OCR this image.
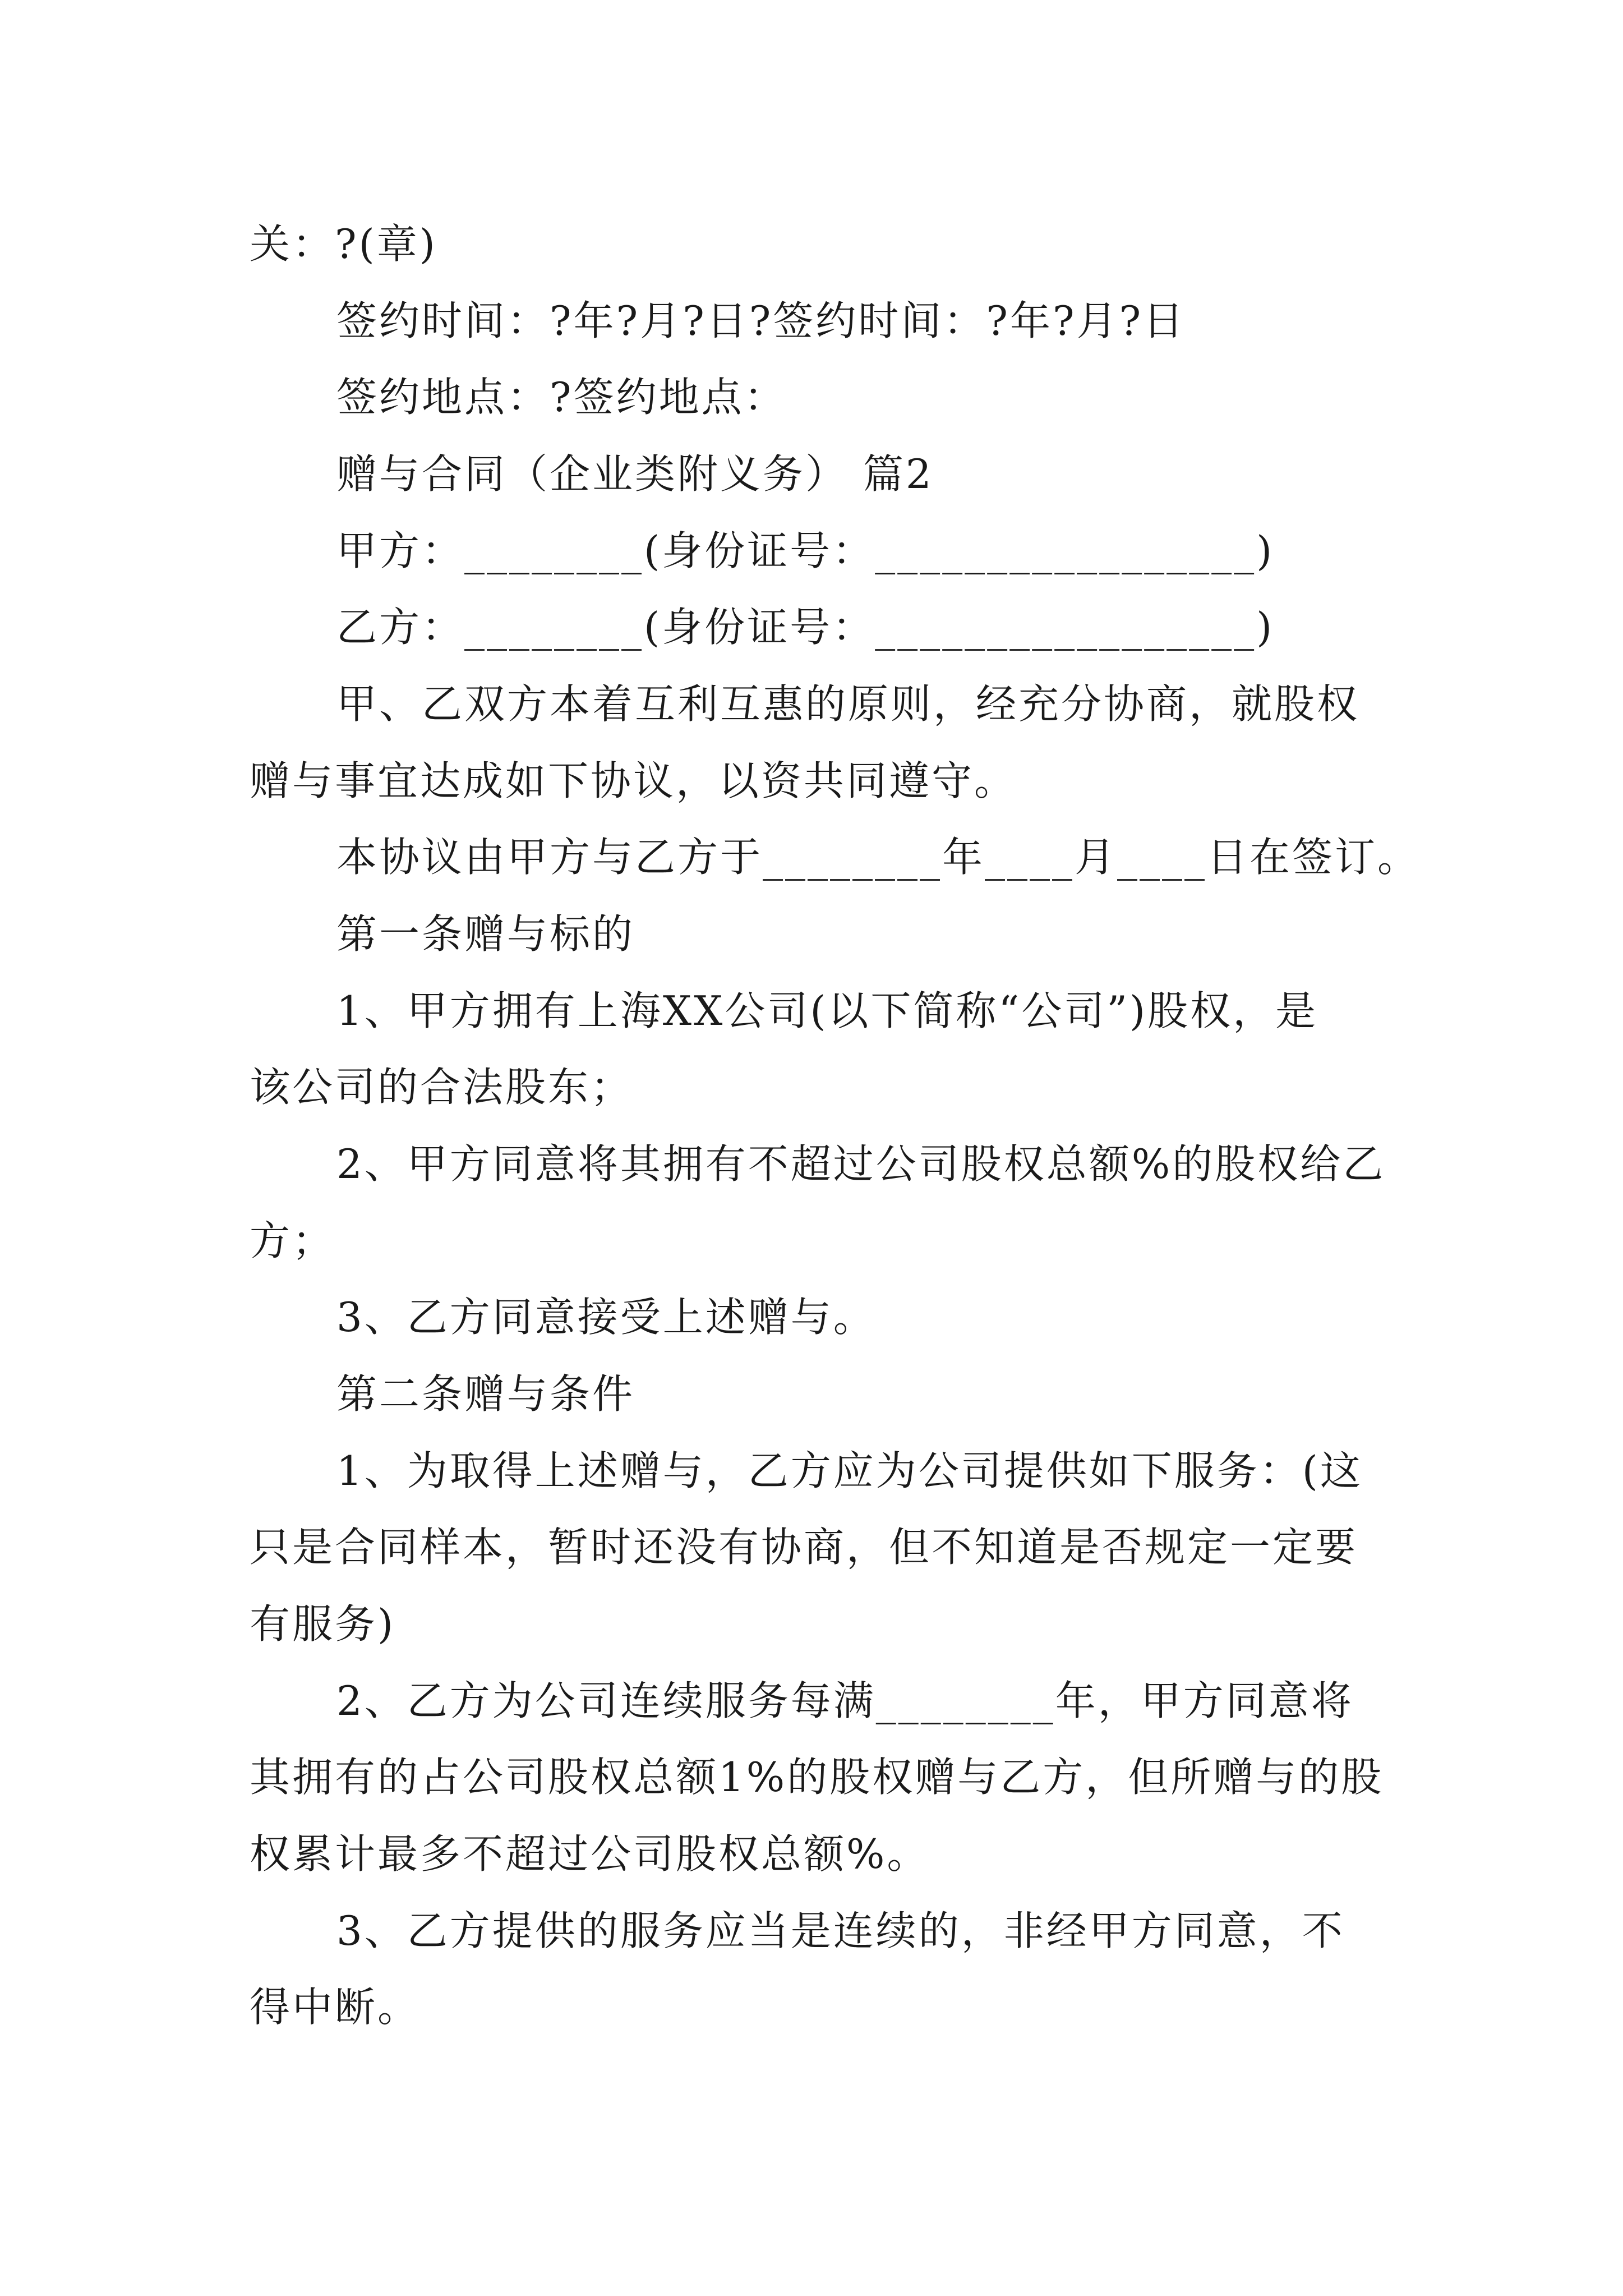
关：?(章)

签约时间：?年?月?日?签约时间：?年?月?日

签约地点：?签约地点：

赠与合同（企业类附义务） 篇2

甲方：________(身份证号：_________________)

乙方：________(身份证号：_________________)

甲、乙双方本着互利互惠的原则，经充分协商，就股权

赠与事宜达成如下协议，以资共同遵守。

本协议由甲方与乙方于________年____月____日在签订。

第一条赠与标的

1、甲方拥有上海XX公司(以下简称“公司”)股权，是

该公司的合法股东；

2、甲方同意将其拥有不超过公司股权总额%的股权给乙

方；

3、乙方同意接受上述赠与。

第二条赠与条件

1、为取得上述赠与，乙方应为公司提供如下服务：(这

只是合同样本，暂时还没有协商，但不知道是否规定一定要

有服务)

2、乙方为公司连续服务每满________年，甲方同意将

其拥有的占公司股权总额1%的股权赠与乙方，但所赠与的股

权累计最多不超过公司股权总额%。

3、乙方提供的服务应当是连续的，非经甲方同意，不

得中断。
